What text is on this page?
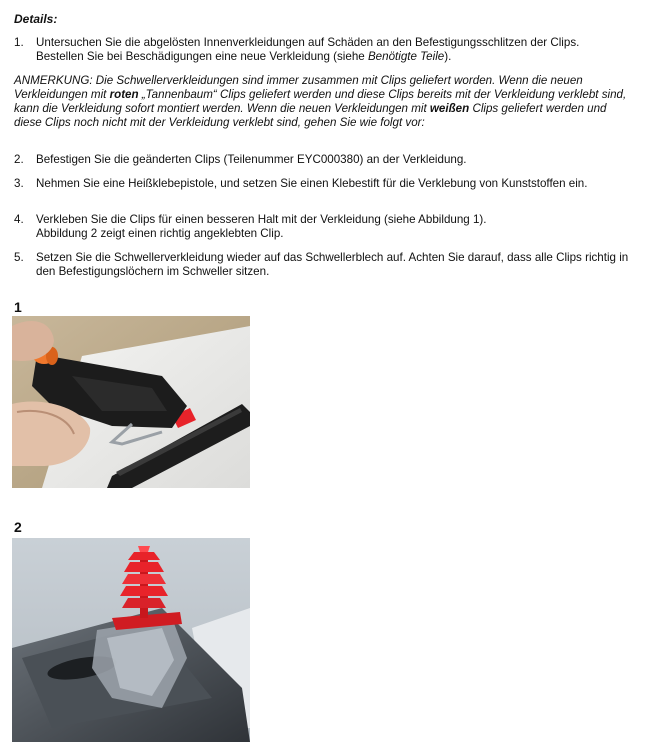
Details:
1.	Untersuchen Sie die abgelösten Innenverkleidungen auf Schäden an den Befestigungsschlitzen der Clips. Bestellen Sie bei Beschädigungen eine neue Verkleidung (siehe Benötigte Teile).
ANMERKUNG: Die Schwellerverkleidungen sind immer zusammen mit Clips geliefert worden. Wenn die neuen Verkleidungen mit roten „Tannenbaum“ Clips geliefert werden und diese Clips bereits mit der Verkleidung verklebt sind, kann die Verkleidung sofort montiert werden. Wenn die neuen Verkleidungen mit weißen Clips geliefert werden und diese Clips noch nicht mit der Verkleidung verklebt sind, gehen Sie wie folgt vor:
2.	Befestigen Sie die geänderten Clips (Teilenummer EYC000380) an der Verkleidung.
3.	Nehmen Sie eine Heißklebepistole, und setzen Sie einen Klebestift für die Verklebung von Kunststoffen ein.
4.	Verkleben Sie die Clips für einen besseren Halt mit der Verkleidung (siehe Abbildung 1).
Abbildung 2 zeigt einen richtig angeklebten Clip.
5.	Setzen Sie die Schwellerverkleidung wieder auf das Schwellerblech auf. Achten Sie darauf, dass alle Clips richtig in den Befestigungslöchern im Schweller sitzen.
1
2
